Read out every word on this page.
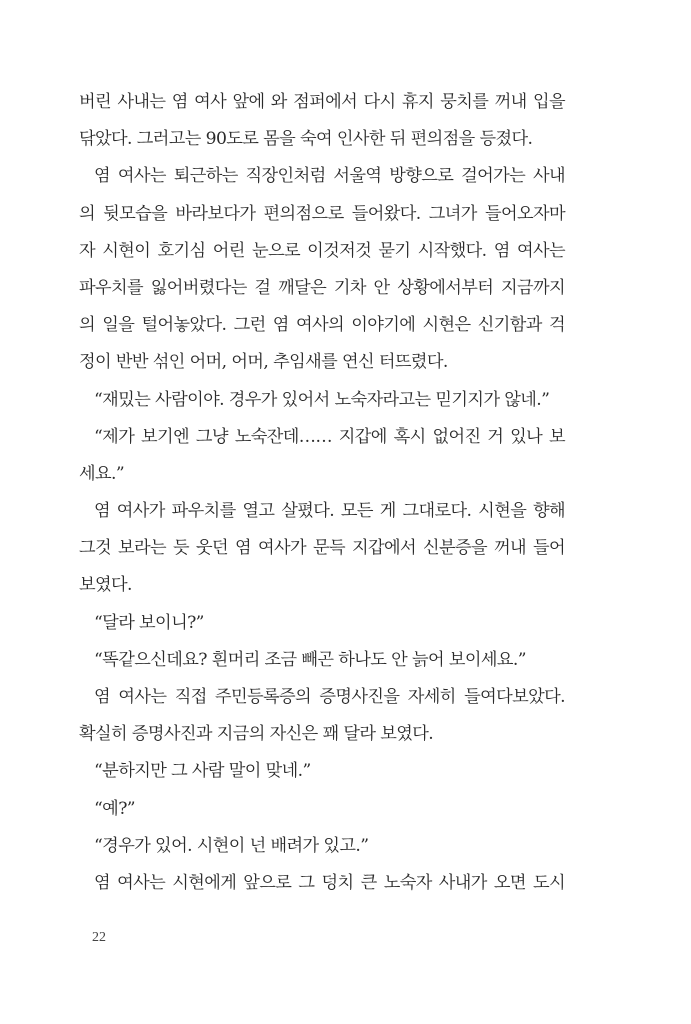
버린 사내는 염 여사 앞에 와 점퍼에서 다시 휴지 뭉치를 꺼내 입을
닦았다. 그러고는 90도로 몸을 숙여 인사한 뒤 편의점을 등졌다.
염 여사는 퇴근하는 직장인처럼 서울역 방향으로 걸어가는 사내
의 뒷모습을 바라보다가 편의점으로 들어왔다. 그녀가 들어오자마
자 시현이 호기심 어린 눈으로 이것저것 묻기 시작했다. 염 여사는
파우치를 잃어버렸다는 걸 깨달은 기차 안 상황에서부터 지금까지
의 일을 털어놓았다. 그런 염 여사의 이야기에 시현은 신기함과 걱
정이 반반 섞인 어머, 어머, 추임새를 연신 터뜨렸다.
“재밌는 사람이야. 경우가 있어서 노숙자라고는 믿기지가 않네.”
“제가 보기엔 그냥 노숙잔데…… 지갑에 혹시 없어진 거 있나 보
세요.”
염 여사가 파우치를 열고 살폈다. 모든 게 그대로다. 시현을 향해
그것 보라는 듯 웃던 염 여사가 문득 지갑에서 신분증을 꺼내 들어
보였다.
“달라 보이니?”
“똑같으신데요? 흰머리 조금 빼곤 하나도 안 늙어 보이세요.”
염 여사는 직접 주민등록증의 증명사진을 자세히 들여다보았다.
확실히 증명사진과 지금의 자신은 꽤 달라 보였다.
“분하지만 그 사람 말이 맞네.”
“예?”
“경우가 있어. 시현이 넌 배려가 있고.”
염 여사는 시현에게 앞으로 그 덩치 큰 노숙자 사내가 오면 도시
22
